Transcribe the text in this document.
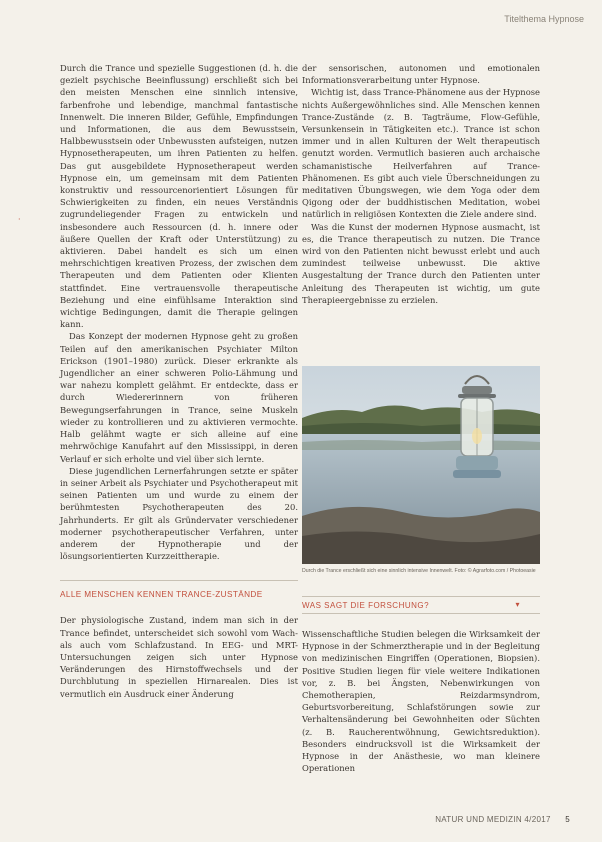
Titelthema Hypnose
·

Durch die Trance und spezielle Suggestionen (d. h. die gezielt psychische Beeinflussung) erschließt sich bei den meisten Menschen eine sinnlich intensive, farbenfrohe und lebendige, manchmal fantastische Innenwelt. Die inneren Bilder, Gefühle, Empfindungen und Informationen, die aus dem Bewusstsein, Halbbewusstsein oder Unbewussten aufsteigen, nutzen Hypnosetherapeuten, um ihren Patienten zu helfen. Das gut ausgebildete Hypnosetherapeut werden Hypnose ein, um gemeinsam mit dem Patienten konstruktiv und ressourcenorientiert Lösungen für Schwierigkeiten zu finden, ein neues Verständnis zugrundeliegender Fragen zu entwickeln und insbesondere auch Ressourcen (d. h. innere oder äußere Quellen der Kraft oder Unterstützung) zu aktivieren. Dabei handelt es sich um einen mehrschichtigen kreativen Prozess, der zwischen dem Therapeuten und dem Patienten oder Klienten stattfindet. Eine vertrauensvolle therapeutische Beziehung und eine einfühlsame Interaktion sind wichtige Bedingungen, damit die Therapie gelingen kann.

Das Konzept der modernen Hypnose geht zu großen Teilen auf den amerikanischen Psychiater Milton Erickson (1901–1980) zurück. Dieser erkrankte als Jugendlicher an einer schweren Polio-Lähmung und war nahezu komplett gelähmt. Er entdeckte, dass er durch Wiedererinnern von früheren Bewegungserfahrungen in Trance, seine Muskeln wieder zu kontrollieren und zu aktivieren vermochte. Halb gelähmt wagte er sich alleine auf eine mehrwöchige Kanufahrt auf den Mississippi, in deren Verlauf er sich erholte und viel über sich lernte.

Diese jugendlichen Lernerfahrungen setzte er später in seiner Arbeit als Psychiater und Psychotherapeut mit seinen Patienten um und wurde zu einem der berühmtesten Psychotherapeuten des 20. Jahrhunderts. Er gilt als Gründervater verschiedener moderner psychotherapeutischer Verfahren, unter anderem der Hypnotherapie und der lösungsorientierten Kurzzeittherapie.

ALLE MENSCHEN KENNEN TRANCE-ZUSTÄNDE

Der physiologische Zustand, indem man sich in der Trance befindet, unterscheidet sich sowohl vom Wach- als auch vom Schlafzustand. In EEG- und MRT-Untersuchungen zeigen sich unter Hypnose Veränderungen des Hirnstoffwechsels und der Durchblutung in speziellen Hirnarealen. Dies ist vermutlich ein Ausdruck einer Änderung

der sensorischen, autonomen und emotionalen Informationsverarbeitung unter Hypnose.

Wichtig ist, dass Trance-Phänomene aus der Hypnose nichts Außergewöhnliches sind. Alle Menschen kennen Trance-Zustände (z. B. Tagträume, Flow-Gefühle, Versunkensein in Tätigkeiten etc.). Trance ist schon immer und in allen Kulturen der Welt therapeutisch genutzt worden. Vermutlich basieren auch archaische schamanistische Heilverfahren auf Trance-Phänomenen. Es gibt auch viele Überschneidungen zu meditativen Übungswegen, wie dem Yoga oder dem Qigong oder der buddhistischen Meditation, wobei natürlich in religiösen Kontexten die Ziele andere sind.

Was die Kunst der modernen Hypnose ausmacht, ist es, die Trance therapeutisch zu nutzen. Die Trance wird von den Patienten nicht bewusst erlebt und auch zumindest teilweise unbewusst. Die aktive Ausgestaltung der Trance durch den Patienten unter Anleitung des Therapeuten ist wichtig, um gute Therapieergebnisse zu erzielen.

Durch die Trance erschließt sich eine sinnlich intensive Innenwelt. Foto: © Agrarfoto.com / Photoeasie
WAS SAGT DIE FORSCHUNG?	▾

Wissenschaftliche Studien belegen die Wirksamkeit der Hypnose in der Schmerztherapie und in der Begleitung von medizinischen Eingriffen (Operationen, Biopsien). Positive Studien liegen für viele weitere Indikationen vor, z. B. bei Ängsten, Nebenwirkungen von Chemotherapien, Reizdarmsyndrom, Geburtsvorbereitung, Schlafstörungen sowie zur Verhaltensänderung bei Gewohnheiten oder Süchten (z. B. Raucherentwöhnung, Gewichtsreduktion). Besonders eindrucksvoll ist die Wirksamkeit der Hypnose in der Anästhesie, wo man kleinere Operationen

NATUR UND MEDIZIN 4/2017 5
